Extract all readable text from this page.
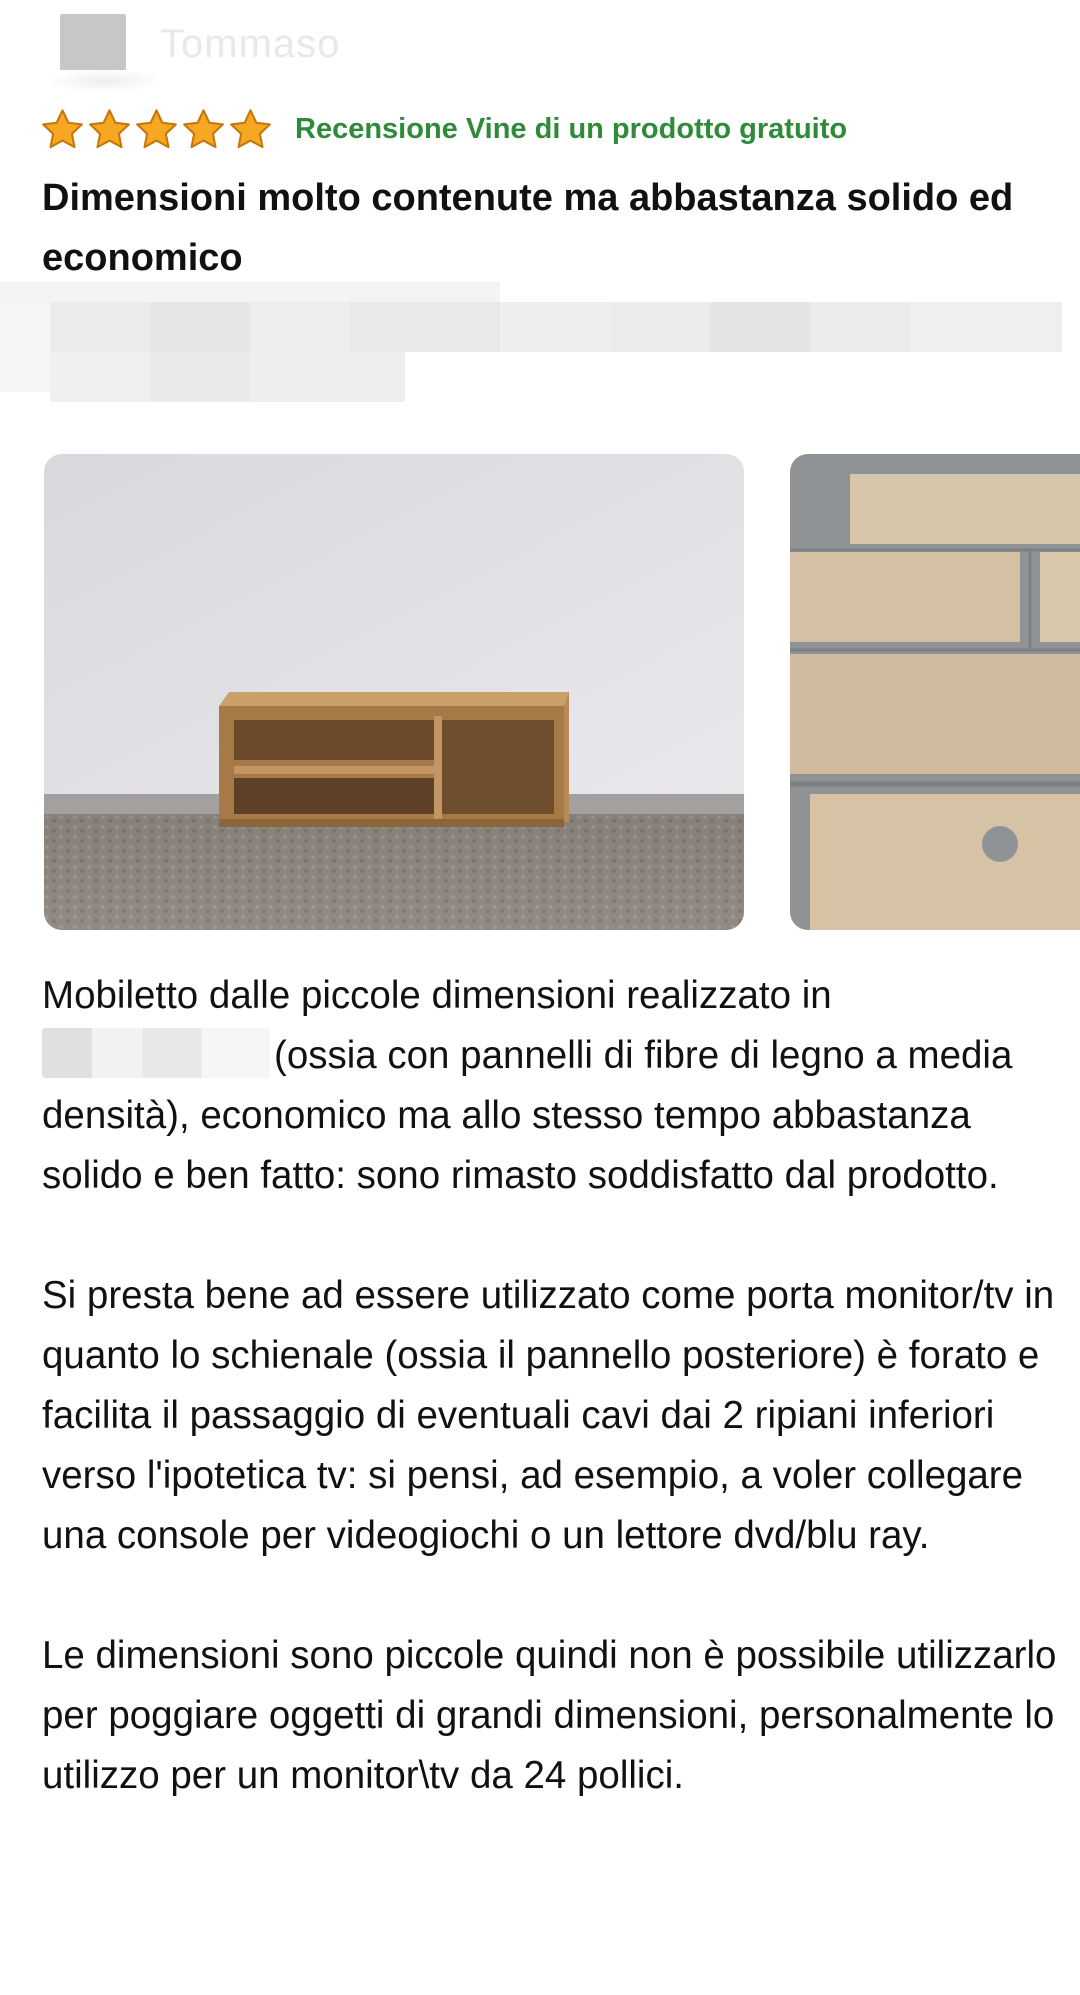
Tommaso
Recensione Vine di un prodotto gratuito
Dimensioni molto contenute ma abbastanza solido ed economico

Mobiletto dalle piccole dimensioni realizzato in
(ossia con pannelli di fibre di legno a media densità), economico ma allo stesso tempo abbastanza solido e ben fatto: sono rimasto soddisfatto dal prodotto.

Si presta bene ad essere utilizzato come porta monitor/tv in quanto lo schienale (ossia il pannello posteriore) è forato e facilita il passaggio di eventuali cavi dai 2 ripiani inferiori verso l'ipotetica tv: si pensi, ad esempio, a voler collegare una console per videogiochi o un lettore dvd/blu ray.

Le dimensioni sono piccole quindi non è possibile utilizzarlo per poggiare oggetti di grandi dimensioni, personalmente lo utilizzo per un monitor\tv da 24 pollici.
